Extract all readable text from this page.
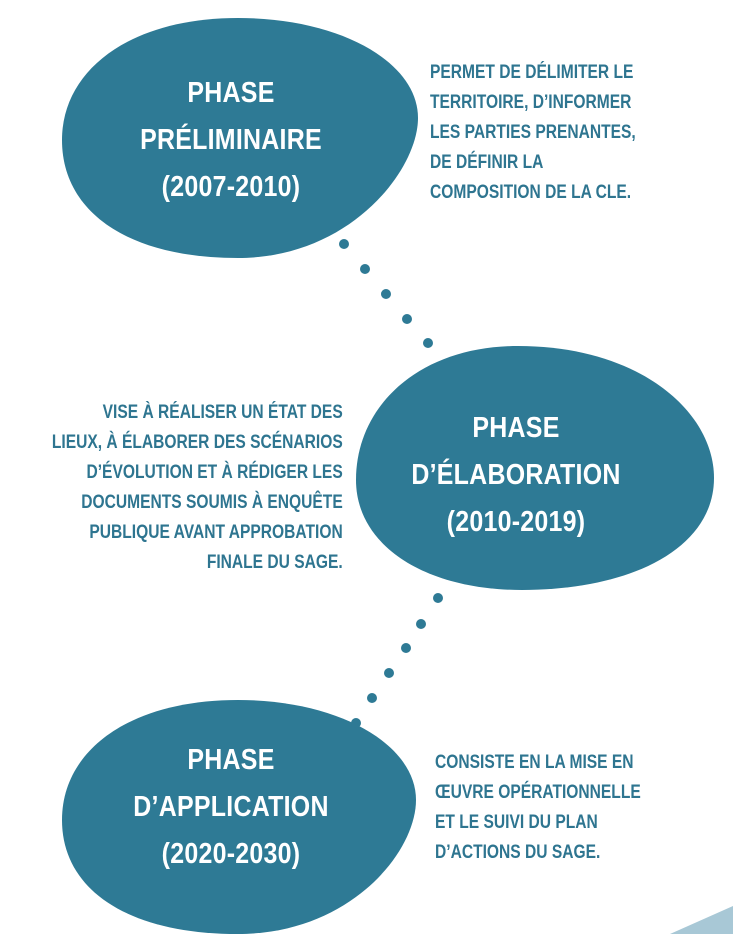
PHASE
PRÉLIMINAIRE
(2007-2010)
PERMET DE DÉLIMITER LE
TERRITOIRE, D’INFORMER
LES PARTIES PRENANTES,
DE DÉFINIR LA
COMPOSITION DE LA CLE.
PHASE
D’ÉLABORATION
(2010-2019)
VISE À RÉALISER UN ÉTAT DES
LIEUX, À ÉLABORER DES SCÉNARIOS
D’ÉVOLUTION ET À RÉDIGER LES
DOCUMENTS SOUMIS À ENQUÊTE
PUBLIQUE AVANT APPROBATION
FINALE DU SAGE.
PHASE
D’APPLICATION
(2020-2030)
CONSISTE EN LA MISE EN
ŒUVRE OPÉRATIONNELLE
ET LE SUIVI DU PLAN
D’ACTIONS DU SAGE.
